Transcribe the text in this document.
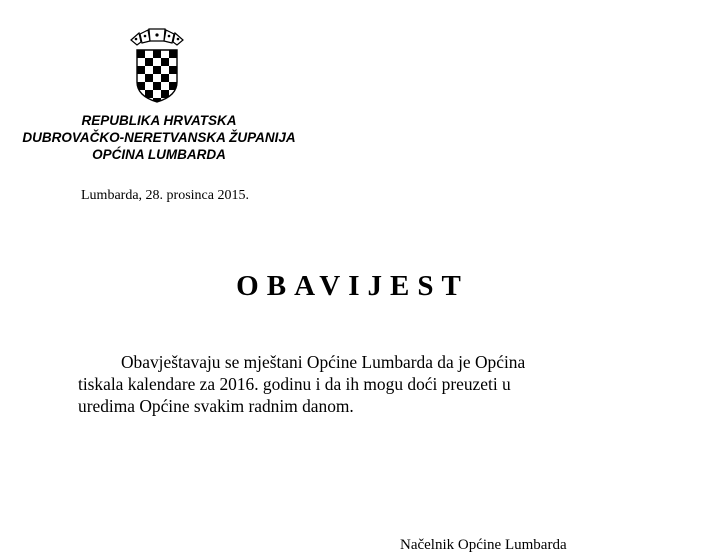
REPUBLIKA HRVATSKA
DUBROVAČKO-NERETVANSKA ŽUPANIJA
OPĆINA LUMBARDA
Lumbarda, 28. prosinca 2015.
OBAVIJEST
Obavještavaju se mještani Općine Lumbarda da je Općina
tiskala kalendare za 2016. godinu i da ih mogu doći preuzeti u
uredima Općine svakim radnim danom.
Načelnik Općine Lumbarda
